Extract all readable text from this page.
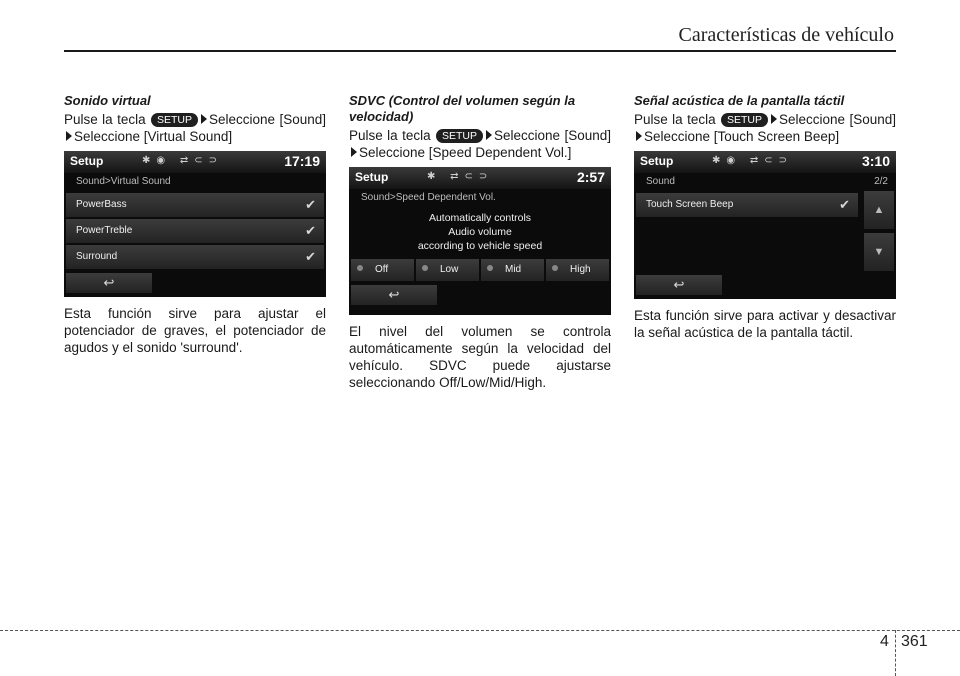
Características de vehículo

Sonido virtual

Pulse la tecla SETUP Seleccione [Sound] Seleccione [Virtual Sound]

Setup	✱◉ ⇄⊂⊃	17:19
Sound>Virtual Sound
PowerBass	✔
PowerTreble	✔
Surround	✔
↩

Esta función sirve para ajustar el potenciador de graves, el potenciador de agudos y el sonido 'surround'.

SDVC (Control del volumen según la velocidad)

Pulse la tecla SETUP Seleccione [Sound] Seleccione [Speed Dependent Vol.]

Setup	✱ ⇄⊂⊃	2:57
Sound>Speed Dependent Vol.
Automatically controls
Audio volume
according to vehicle speed
Off	Low	Mid	High
↩

El nivel del volumen se controla automáticamente según la velocidad del vehículo. SDVC puede ajustarse seleccionando Off/Low/Mid/High.

Señal acústica de la pantalla táctil

Pulse la tecla SETUP Seleccione [Sound] Seleccione [Touch Screen Beep]

Setup	✱◉ ⇄⊂⊃	3:10
Sound	2/2
Touch Screen Beep	✔	▲
▼
↩

Esta función sirve para activar y desactivar la señal acústica de la pantalla táctil.

4 361
